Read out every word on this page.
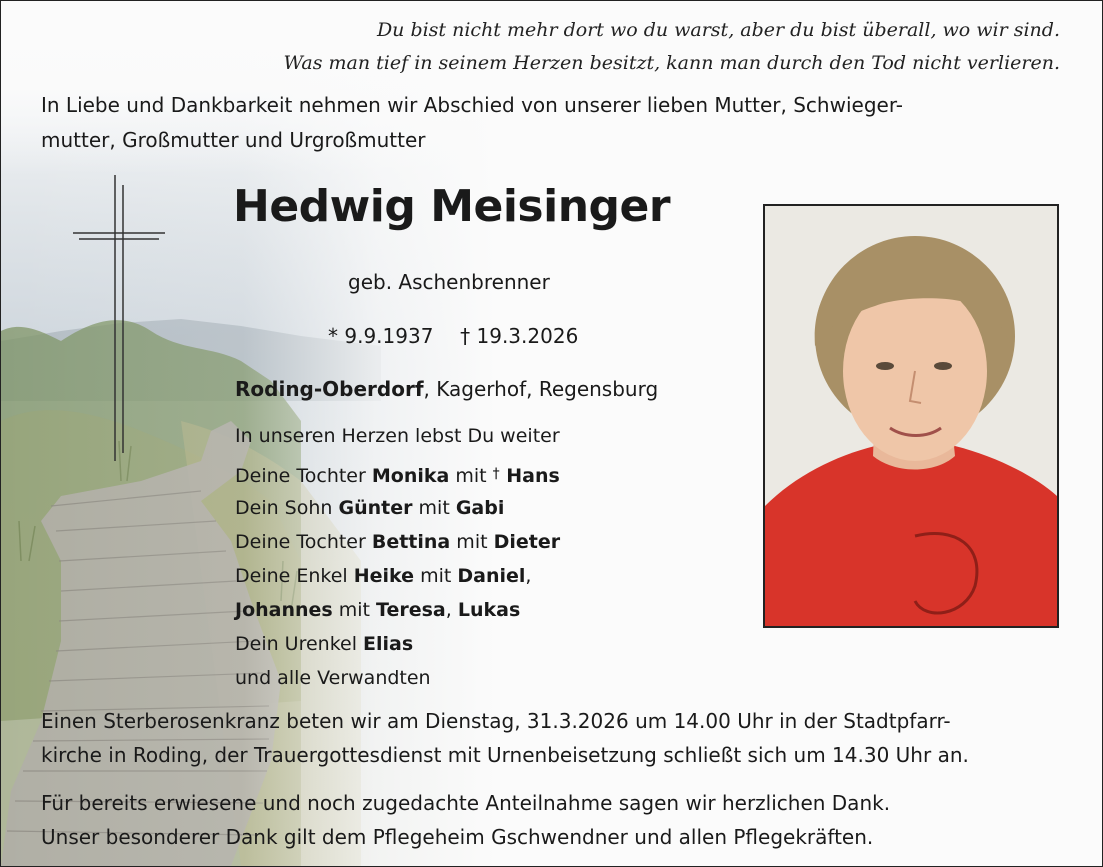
Du bist nicht mehr dort wo du warst, aber du bist überall, wo wir sind.
Was man tief in seinem Herzen besitzt, kann man durch den Tod nicht verlieren.
In Liebe und Dankbarkeit nehmen wir Abschied von unserer lieben Mutter, Schwieger-
mutter, Großmutter und Urgroßmutter
Hedwig Meisinger
geb. Aschenbrenner
* 9.9.1937 † 19.3.2026
Roding-Oberdorf, Kagerhof, Regensburg
In unseren Herzen lebst Du weiter
Deine Tochter Monika mit † Hans
Dein Sohn Günter mit Gabi
Deine Tochter Bettina mit Dieter
Deine Enkel Heike mit Daniel,
Johannes mit Teresa, Lukas
Dein Urenkel Elias
und alle Verwandten
Einen Sterberosenkranz beten wir am Dienstag, 31.3.2026 um 14.00 Uhr in der Stadtpfarr-
kirche in Roding, der Trauergottesdienst mit Urnenbeisetzung schließt sich um 14.30 Uhr an.
Für bereits erwiesene und noch zugedachte Anteilnahme sagen wir herzlichen Dank.
Unser besonderer Dank gilt dem Pflegeheim Gschwendner und allen Pflegekräften.
